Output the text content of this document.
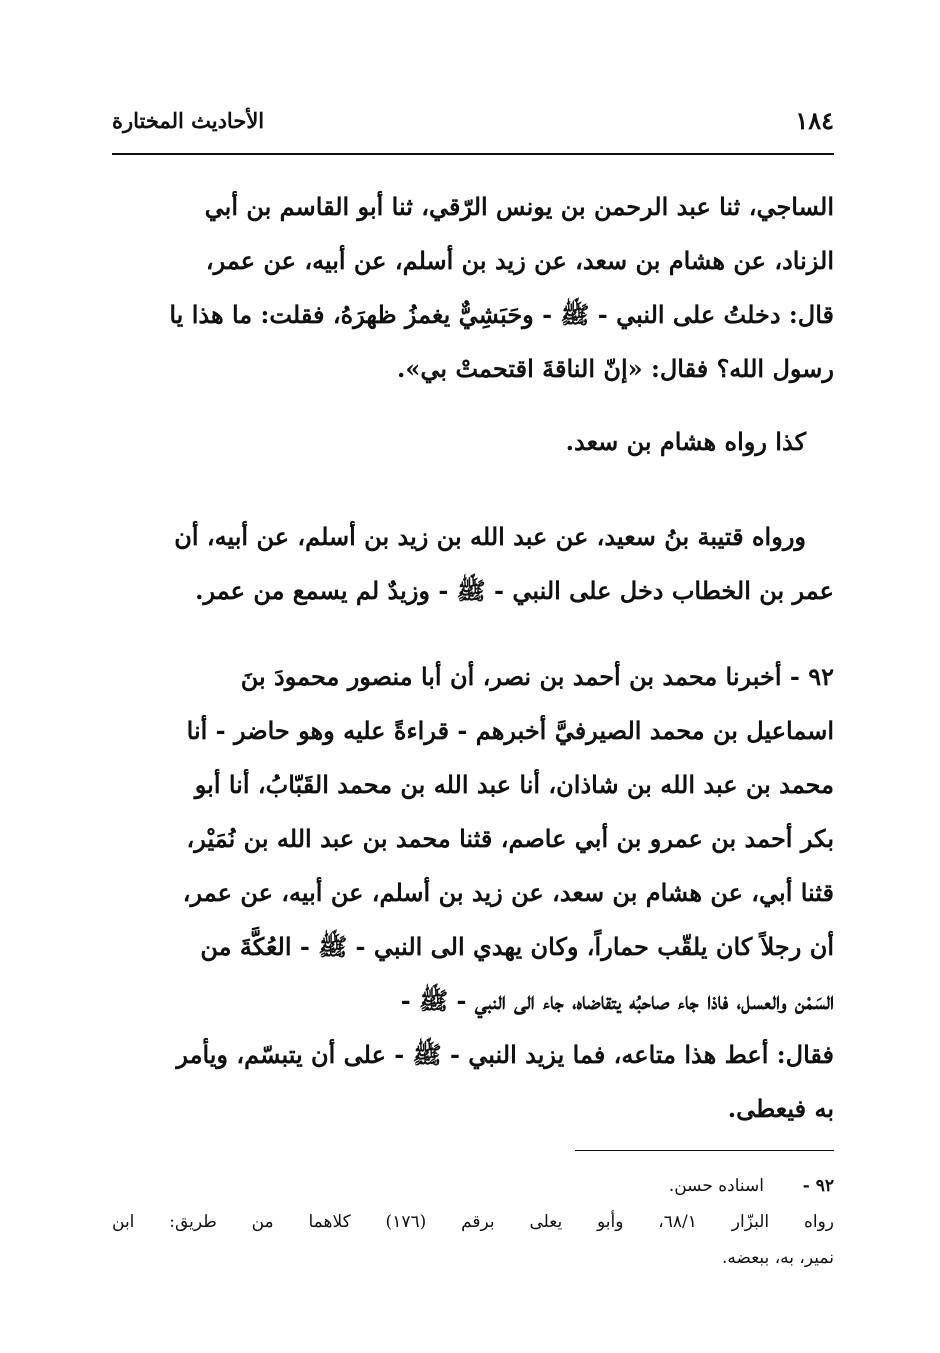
الأحاديث المختارة	١٨٤
الساجي، ثنا عبد الرحمن بن يونس الرّقي، ثنا أبو القاسم بن أبي
الزناد، عن هشام بن سعد، عن زيد بن أسلم، عن أبيه، عن عمر،
قال: دخلتُ على النبي - ﷺ - وحَبَشِيٌّ يغمزُ ظهرَهُ، فقلت: ما هذا يا
رسول الله؟ فقال: «إنّ الناقةَ اقتحمتْ بي».
كذا رواه هشام بن سعد.
ورواه قتيبة بنُ سعيد، عن عبد الله بن زيد بن أسلم، عن أبيه، أن
عمر بن الخطاب دخل على النبي - ﷺ - وزيدٌ لم يسمع من عمر.
٩٢ - أخبرنا محمد بن أحمد بن نصر، أن أبا منصور محمودَ بنَ
اسماعيل بن محمد الصيرفيَّ أخبرهم - قراءةً عليه وهو حاضر - أنا
محمد بن عبد الله بن شاذان، أنا عبد الله بن محمد القَبّابُ، أنا أبو
بكر أحمد بن عمرو بن أبي عاصم، قثنا محمد بن عبد الله بن نُمَيْر،
قثنا أبي، عن هشام بن سعد، عن زيد بن أسلم، عن أبيه، عن عمر،
أن رجلاً كان يلقّب حماراً، وكان يهدي الى النبي - ﷺ - العُكَّةَ من
السَمْن والعسل، فاذا جاء صاحبُه يتقاضاه، جاء الى النبي - ﷺ -
فقال: أعط هذا متاعه، فما يزيد النبي - ﷺ - على أن يتبسّم، ويأمر
به فيعطى.
٩٢ -اسناده حسن.
رواه البزّار ٦٨/١، وأبو يعلى برقم (١٧٦) كلاهما من طريق: ابن
نمير، به، ببعضه.
